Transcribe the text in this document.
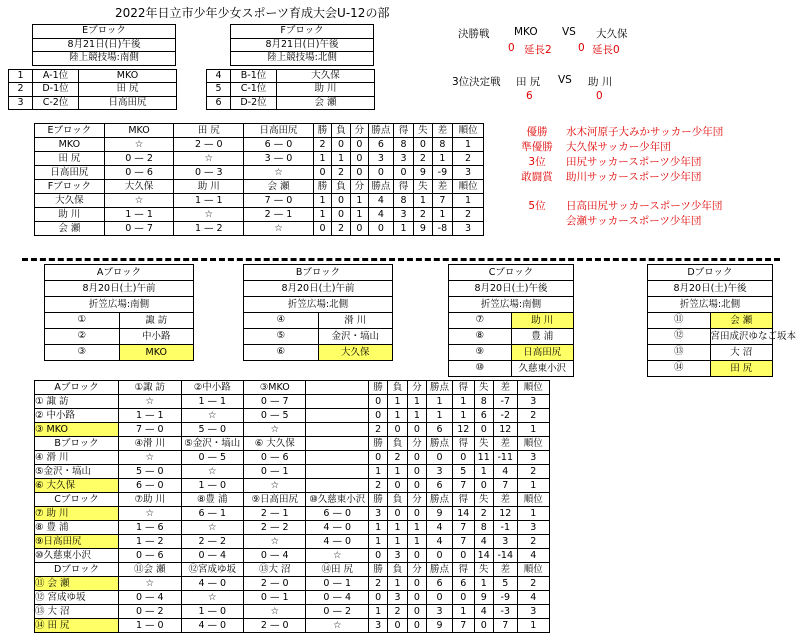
2022年日立市少年少女スポーツ育成大会U-12の部
決勝戦 MKO VS 大久保
0 延長2	0 延長0
3位決定戦 田 尻 VS 助 川
6	0
優勝	水木河原子大みかサッカー少年団
準優勝	大久保サッカー少年団
3位	田尻サッカースポーツ少年団
敢闘賞	助川サッカースポーツ少年団
5位	日高田尻サッカースポーツ少年団
会瀬サッカースポーツ少年団
Eブロック
8月21日(日)午後
陸上競技場:南側
1	A-1位	MKO
2	D-1位	田 尻
3	C-2位	日高田尻
Fブロック
8月21日(日)午後
陸上競技場:北側
4	B-1位	大久保
5	C-1位	助 川
6	D-2位	会 瀬
Eブロック	MKO	田 尻	日高田尻	勝	負	分	勝点	得	失	差	順位
MKO	☆	2 — 0	6 — 0	2	0	0	6	8	0	8	1
田 尻	0 — 2	☆	3 — 0	1	1	0	3	3	2	1	2
日高田尻	0 — 6	0 — 3	☆	0	2	0	0	0	9	-9	3
Fブロック	大久保	助 川	会 瀬	勝	負	分	勝点	得	失	差	順位
大久保	☆	1 — 1	7 — 0	1	0	1	4	8	1	7	1
助 川	1 — 1	☆	2 — 1	1	0	1	4	3	2	1	2
会 瀬	0 — 7	1 — 2	☆	0	2	0	0	1	9	-8	3
Aブロック	
8月20日(土)午前	
折笠広場:南側	
①	諏 訪
②	中小路
③	MKO
Bブロック	
8月20日(土)午前	
折笠広場:北側	
④	滑 川
⑤	金沢・塙山
⑥	大久保
Cブロック	
8月20日(土)午後	
折笠広場:南側	
⑦	助 川
⑧	豊 浦
⑨	日高田尻
⑩	久慈東小沢
Dブロック	
8月20日(土)午後	
折笠広場:北側	
⑪	会 瀬
⑫	宮田成沢ゆなご坂本
⑬	大 沼
⑭	田 尻
Aブロック	①諏 訪	②中小路	③MKO		勝	負	分	勝点	得	失	差	順位
① 諏 訪	☆	1 — 1	0 — 7		0	1	1	1	1	8	-7	3
② 中小路	1 — 1	☆	0 — 5		0	1	1	1	1	6	-2	2
③ MKO	7 — 0	5 — 0	☆		2	0	0	6	12	0	12	1
Bブロック	④滑 川	⑤金沢・塙山	⑥ 大久保		勝	負	分	勝点	得	失	差	順位
④ 滑 川	☆	0 — 5	0 — 6		0	2	0	0	0	11	-11	3
⑤金沢・塙山	5 — 0	☆	0 — 1		1	1	0	3	5	1	4	2
⑥ 大久保	6 — 0	1 — 0	☆		2	0	0	6	7	0	7	1
Cブロック	⑦助 川	⑧豊 浦	⑨日高田尻	⑩久慈東小沢	勝	負	分	勝点	得	失	差	順位
⑦ 助 川	☆	6 — 1	2 — 1	6 — 0	3	0	0	9	14	2	12	1
⑧ 豊 浦	1 — 6	☆	2 — 2	4 — 0	1	1	1	4	7	8	-1	3
⑨日高田尻	1 — 2	2 — 2	☆	4 — 0	1	1	1	4	7	4	3	2
⑩久慈東小沢	0 — 6	0 — 4	0 — 4	☆	0	3	0	0	0	14	-14	4
Dブロック	⑪会 瀬	⑫宮成ゆ坂	⑬大 沼	⑭田 尻	勝	負	分	勝点	得	失	差	順位
⑪ 会 瀬	☆	4 — 0	2 — 0	0 — 1	2	1	0	6	6	1	5	2
⑫ 宮成ゆ坂	0 — 4	☆	0 — 1	0 — 4	0	3	0	0	0	9	-9	4
⑬ 大 沼	0 — 2	1 — 0	☆	0 — 2	1	2	0	3	1	4	-3	3
⑭ 田 尻	1 — 0	4 — 0	2 — 0	☆	3	0	0	9	7	0	7	1
